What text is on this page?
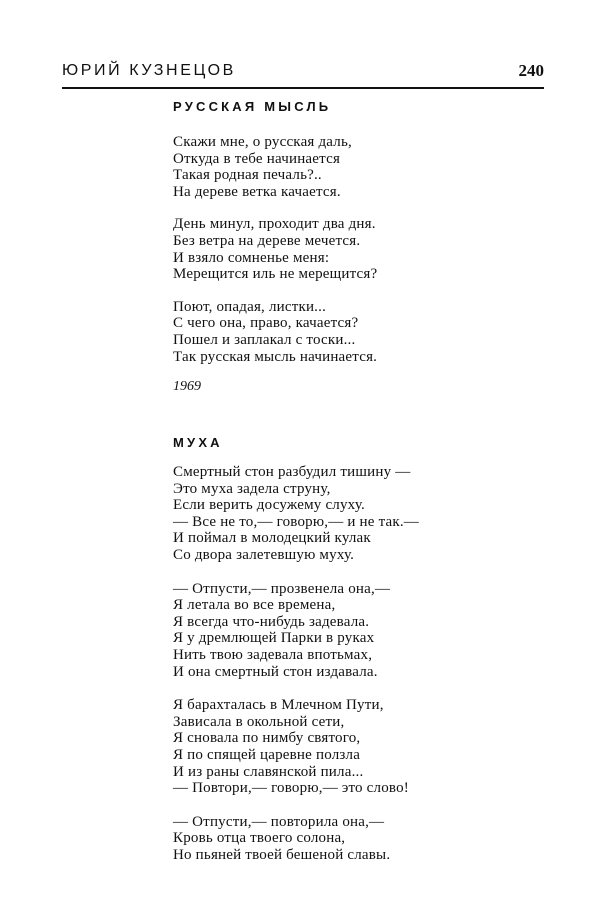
ЮРИЙ КУЗНЕЦОВ	240
РУССКАЯ МЫСЛЬ
Скажи мне, о русская даль,
Откуда в тебе начинается
Такая родная печаль?..
На дереве ветка качается.
День минул, проходит два дня.
Без ветра на дереве мечется.
И взяло сомненье меня:
Мерещится иль не мерещится?
Поют, опадая, листки...
С чего она, право, качается?
Пошел и заплакал с тоски...
Так русская мысль начинается.
1969
МУХА
Смертный стон разбудил тишину —
Это муха задела струну,
Если верить досужему слуху.
— Все не то,— говорю,— и не так.—
И поймал в молодецкий кулак
Со двора залетевшую муху.
— Отпусти,— прозвенела она,—
Я летала во все времена,
Я всегда что-нибудь задевала.
Я у дремлющей Парки в руках
Нить твою задевала впотьмах,
И она смертный стон издавала.
Я барахталась в Млечном Пути,
Зависала в окольной сети,
Я сновала по нимбу святого,
Я по спящей царевне ползла
И из раны славянской пила...
— Повтори,— говорю,— это слово!
— Отпусти,— повторила она,—
Кровь отца твоего солона,
Но пьяней твоей бешеной славы.
